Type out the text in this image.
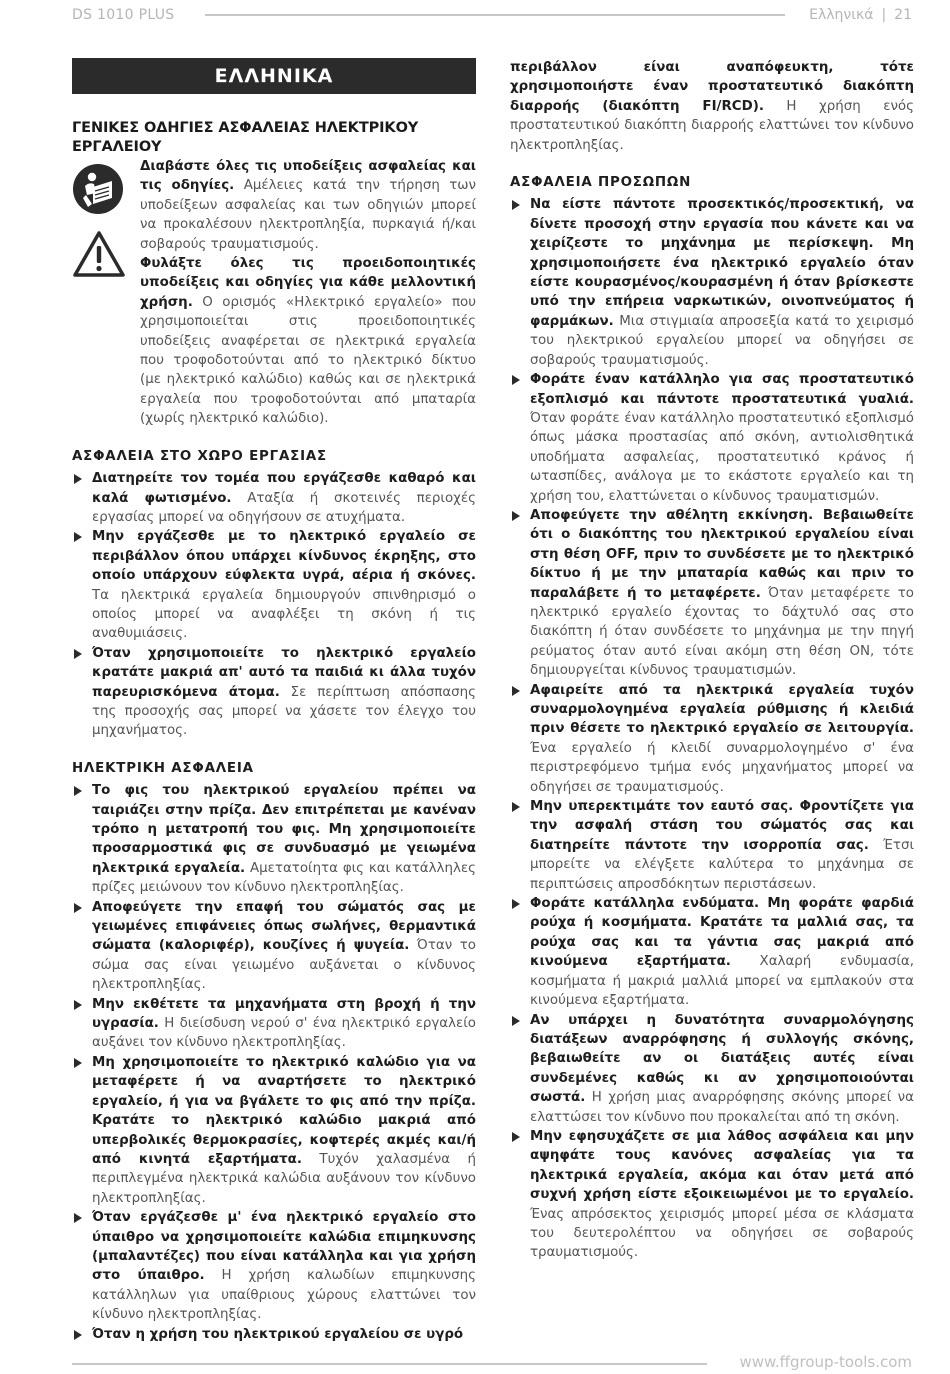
DS 1010 PLUS	Ελληνικά | 21
ΕΛΛΗΝΙΚΑ
ΓΕΝΙΚΕΣ ΟΔΗΓΙΕΣ ΑΣΦΑΛΕΙΑΣ ΗΛΕΚΤΡΙΚΟΥ ΕΡΓΑΛΕΙΟΥ

Διαβάστε όλες τις υποδείξεις ασφαλείας και τις οδηγίες. Αμέλειες κατά την τήρηση των υποδείξεων ασφαλείας και των οδηγιών μπορεί να προκαλέσουν ηλεκτροπληξία, πυρκαγιά ή/και σοβαρούς τραυματισμούς.

Φυλάξτε όλες τις προειδοποιητικές υποδείξεις και οδηγίες για κάθε μελλοντική χρήση. Ο ορισμός «Ηλεκτρικό εργαλείο» που χρησιμοποιείται στις προειδοποιητικές υποδείξεις αναφέρεται σε ηλεκτρικά εργαλεία που τροφοδοτούνται από το ηλεκτρικό δίκτυο (με ηλεκτρικό καλώδιο) καθώς και σε ηλεκτρικά εργαλεία που τροφοδοτούνται από μπαταρία (χωρίς ηλεκτρικό καλώδιο).

ΑΣΦΑΛΕΙΑ ΣΤΟ ΧΩΡΟ ΕΡΓΑΣΙΑΣ
Διατηρείτε τον τομέα που εργάζεσθε καθαρό και καλά φωτισμένο. Αταξία ή σκοτεινές περιοχές εργασίας μπορεί να οδηγήσουν σε ατυχήματα.
Μην εργάζεσθε με το ηλεκτρικό εργαλείο σε περιβάλλον όπου υπάρχει κίνδυνος έκρηξης, στο οποίο υπάρχουν εύφλεκτα υγρά, αέρια ή σκόνες. Τα ηλεκτρικά εργαλεία δημιουργούν σπινθηρισμό ο οποίος μπορεί να αναφλέξει τη σκόνη ή τις αναθυμιάσεις.
Όταν χρησιμοποιείτε το ηλεκτρικό εργαλείο κρατάτε μακριά απ' αυτό τα παιδιά κι άλλα τυχόν παρευρισκόμενα άτομα. Σε περίπτωση απόσπασης της προσοχής σας μπορεί να χάσετε τον έλεγχο του μηχανήματος.
ΗΛΕΚΤΡΙΚΗ ΑΣΦΑΛΕΙΑ
Το φις του ηλεκτρικού εργαλείου πρέπει να ταιριάζει στην πρίζα. Δεν επιτρέπεται με κανέναν τρόπο η μετατροπή του φις. Μη χρησιμοποιείτε προσαρμοστικά φις σε συνδυασμό με γειωμένα ηλεκτρικά εργαλεία. Αμετατοίητα φις και κατάλληλες πρίζες μειώνουν τον κίνδυνο ηλεκτροπληξίας.
Αποφεύγετε την επαφή του σώματός σας με γειωμένες επιφάνειες όπως σωλήνες, θερμαντικά σώματα (καλοριφέρ), κουζίνες ή ψυγεία. Όταν το σώμα σας είναι γειωμένο αυξάνεται ο κίνδυνος ηλεκτροπληξίας.
Μην εκθέτετε τα μηχανήματα στη βροχή ή την υγρασία. Η διείσδυση νερού σ' ένα ηλεκτρικό εργαλείο αυξάνει τον κίνδυνο ηλεκτροπληξίας.
Μη χρησιμοποιείτε το ηλεκτρικό καλώδιο για να μεταφέρετε ή να αναρτήσετε το ηλεκτρικό εργαλείο, ή για να βγάλετε το φις από την πρίζα. Κρατάτε το ηλεκτρικό καλώδιο μακριά από υπερβολικές θερμοκρασίες, κοφτερές ακμές και/ή από κινητά εξαρτήματα. Τυχόν χαλασμένα ή περιπλεγμένα ηλεκτρικά καλώδια αυξάνουν τον κίνδυνο ηλεκτροπληξίας.
Όταν εργάζεσθε μ' ένα ηλεκτρικό εργαλείο στο ύπαιθρο να χρησιμοποιείτε καλώδια επιμηκυνσης (μπαλαντέζες) που είναι κατάλληλα και για χρήση στο ύπαιθρο. Η χρήση καλωδίων επιμηκυνσης κατάλληλων για υπαίθριους χώρους ελαττώνει τον κίνδυνο ηλεκτροπληξίας.
Όταν η χρήση του ηλεκτρικού εργαλείου σε υγρό

περιβάλλον είναι αναπόφευκτη, τότε χρησιμοποιήστε έναν προστατευτικό διακόπτη διαρροής (διακόπτη FI/RCD). Η χρήση ενός προστατευτικού διακόπτη διαρροής ελαττώνει τον κίνδυνο ηλεκτροπληξίας.

ΑΣΦΑΛΕΙΑ ΠΡΟΣΩΠΩΝ
Να είστε πάντοτε προσεκτικός/προσεκτική, να δίνετε προσοχή στην εργασία που κάνετε και να χειρίζεστε το μηχάνημα με περίσκεψη. Μη χρησιμοποιήσετε ένα ηλεκτρικό εργαλείο όταν είστε κουρασμένος/κουρασμένη ή όταν βρίσκεστε υπό την επήρεια ναρκωτικών, οινοπνεύματος ή φαρμάκων. Μια στιγμιαία απροσεξία κατά το χειρισμό του ηλεκτρικού εργαλείου μπορεί να οδηγήσει σε σοβαρούς τραυματισμούς.
Φοράτε έναν κατάλληλο για σας προστατευτικό εξοπλισμό και πάντοτε προστατευτικά γυαλιά. Όταν φοράτε έναν κατάλληλο προστατευτικό εξοπλισμό όπως μάσκα προστασίας από σκόνη, αντιολισθητικά υποδήματα ασφαλείας, προστατευτικό κράνος ή ωτασπίδες, ανάλογα με το εκάστοτε εργαλείο και τη χρήση του, ελαττώνεται ο κίνδυνος τραυματισμών.
Αποφεύγετε την αθέλητη εκκίνηση. Βεβαιωθείτε ότι ο διακόπτης του ηλεκτρικού εργαλείου είναι στη θέση OFF, πριν το συνδέσετε με το ηλεκτρικό δίκτυο ή με την μπαταρία καθώς και πριν το παραλάβετε ή το μεταφέρετε. Όταν μεταφέρετε το ηλεκτρικό εργαλείο έχοντας το δάχτυλό σας στο διακόπτη ή όταν συνδέσετε το μηχάνημα με την πηγή ρεύματος όταν αυτό είναι ακόμη στη θέση ON, τότε δημιουργείται κίνδυνος τραυματισμών.
Αφαιρείτε από τα ηλεκτρικά εργαλεία τυχόν συναρμολογημένα εργαλεία ρύθμισης ή κλειδιά πριν θέσετε το ηλεκτρικό εργαλείο σε λειτουργία. Ένα εργαλείο ή κλειδί συναρμολογημένο σ' ένα περιστρεφόμενο τμήμα ενός μηχανήματος μπορεί να οδηγήσει σε τραυματισμούς.
Μην υπερεκτιμάτε τον εαυτό σας. Φροντίζετε για την ασφαλή στάση του σώματός σας και διατηρείτε πάντοτε την ισορροπία σας. Έτσι μπορείτε να ελέγξετε καλύτερα το μηχάνημα σε περιπτώσεις απροσδόκητων περιστάσεων.
Φοράτε κατάλληλα ενδύματα. Μη φοράτε φαρδιά ρούχα ή κοσμήματα. Κρατάτε τα μαλλιά σας, τα ρούχα σας και τα γάντια σας μακριά από κινούμενα εξαρτήματα. Χαλαρή ενδυμασία, κοσμήματα ή μακριά μαλλιά μπορεί να εμπλακούν στα κινούμενα εξαρτήματα.
Αν υπάρχει η δυνατότητα συναρμολόγησης διατάξεων αναρρόφησης ή συλλογής σκόνης, βεβαιωθείτε αν οι διατάξεις αυτές είναι συνδεμένες καθώς κι αν χρησιμοποιούνται σωστά. Η χρήση μιας αναρρόφησης σκόνης μπορεί να ελαττώσει τον κίνδυνο που προκαλείται από τη σκόνη.
Μην εφησυχάζετε σε μια λάθος ασφάλεια και μην αψηφάτε τους κανόνες ασφαλείας για τα ηλεκτρικά εργαλεία, ακόμα και όταν μετά από συχνή χρήση είστε εξοικειωμένοι με το εργαλείο. Ένας απρόσεκτος χειρισμός μπορεί μέσα σε κλάσματα του δευτερολέπτου να οδηγήσει σε σοβαρούς τραυματισμούς.
www.ffgroup-tools.com
